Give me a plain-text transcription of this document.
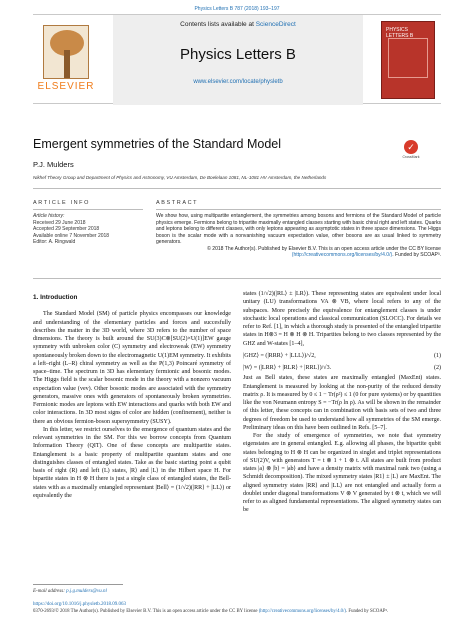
Physics Letters B 787 (2018) 193–197
ELSEVIER
Contents lists available at ScienceDirect
Physics Letters B
www.elsevier.com/locate/physletb
PHYSICS LETTERS B
Emergent symmetries of the Standard Model	✓
CrossMark
P.J. Mulders
Nikhef Theory Group and Department of Physics and Astronomy, VU Amsterdam, De Boelelaan 1081, NL-1081 HV Amsterdam, the Netherlands
ARTICLE INFO
Article history:
Received 29 June 2018
Accepted 29 September 2018
Available online 7 November 2018
Editor: A. Ringwald
ABSTRACT
We show how, using multipartite entanglement, the symmetries among bosons and fermions of the Standard Model of particle physics emerge. Fermions belong to tripartite maximally entangled classes starting with basic chiral right and left states. Quarks and leptons belong to different classes, with only leptons appearing as asymptotic states in three space dimensions. The Higgs boson is the scalar mode with a nonvanishing vacuum expectation value, other bosons are as usual linked to symmetry generators.
© 2018 The Author(s). Published by Elsevier B.V. This is an open access article under the CC BY license (http://creativecommons.org/licenses/by/4.0/). Funded by SCOAP³.
1. Introduction

The Standard Model (SM) of particle physics encompasses our knowledge and understanding of the elementary particles and forces and succesfully describes the matter in the 3D world, where 3D refers to the number of space dimensions. The theory is built around the SU(3)C⊗[SU(2)×U(1)]EW gauge symmetry with unbroken color (C) symmetry and electroweak (EW) symmetry spontaneously broken down to the electromagnetic U(1)EM symmetry. It exhibits a left–right (L–R) chiral symmetry as well as the P(1,3) Poincaré symmetry of space–time. The spectrum in 3D has elementary fermionic and bosonic modes. The Higgs field is the scalar bosonic mode in the theory with a nonzero vacuum expectation value (vev). Other bosonic modes are associated with the symmetry generators, massive ones with generators of spontaneously broken symmetries. Fermionic modes are leptons with EW interactions and quarks with both EW and color interactions. In 3D most signs of color are hidden (confinement), neither is there an obvious fermion-boson supersymmetry (SUSY).

In this letter, we restrict ourselves to the emergence of quantum states and the relevant symmetries in the SM. For this we borrow concepts from Quantum Information Theory (QIT). One of these concepts are multipartite states. Entanglement is a basic property of multipartite quantum states and one distinguishes classes of entangled states. Take as the basic starting point a qubit basis of right (R) and left (L) states, |R⟩ and |L⟩ in the Hilbert space H. For bipartite states in H ⊗ H there is just a single class of entangled states, the Bell-states with as a maximally entangled representant |Bell⟩ = (1/√2)(|RR⟩ + |LL⟩) or equivalently the

states (1/√2)(|RL⟩ ± |LR⟩). These representing states are equivalent under local unitary (LU) transformations VA ⊗ VB, where local refers to any of the subspaces. More precisely the equivalence for entanglement classes is under stochastic local operations and classical communication (SLOCC). For details we refer to Ref. [1], in which a thorough study is presented of the entangled tripartite states in H⊗3 = H ⊗ H ⊗ H. Tripartites belong to two classes represented by the GHZ and W-states [1–4],

|GHZ⟩ = (|RRR⟩ + |LLL⟩)/√2,	(1)
|W⟩ = (|LRR⟩ + |RLR⟩ + |RRL⟩)/√3.	(2)

Just as Bell states, these states are maximally entangled (MaxEnt) states. Entanglement is measured by looking at the non-purity of the reduced density matrix ρ. It is measured by 0 ≤ 1 − Tr(ρ²) ≤ 1 (0 for pure systems) or by quantities like the von Neumann entropy S = −Tr(ρ ln ρ). As will be shown in the remainder of this letter, these concepts can in combination with basis sets of two and three degrees of freedom be used to understand how all symmetries of the SM emerge. Preliminary ideas on this have been outlined in Refs. [5–7].

For the study of emergence of symmetries, we note that symmetry eigenstates are in general entangled. E.g. allowing all phases, the bipartite qubit states belonging to H ⊗ H can be organized in singlet and triplet representations of SU(2)V, with generators T = t ⊗ 1 + 1 ⊗ t. All states are built from product states |a⟩ ⊗ |b⟩ = |ab⟩ and have a density matrix with maximal rank two (using a Schmidt decomposition). The mixed symmetry states |R1⟩ ± |L⟩ are MaxEnt. The aligned symmetry states |RR⟩ and |LL⟩ are not entangled and actually form a doublet under diagonal transformations V ⊗ V generated by t ⊗ t, which we will refer to as aligned fundamental representations. The aligned symmetry states can be

E-mail address: p.j.g.mulders@vu.nl
https://doi.org/10.1016/j.physletb.2018.09.063
0370-2693/© 2018 The Author(s). Published by Elsevier B.V. This is an open access article under the CC BY license (http://creativecommons.org/licenses/by/4.0/). Funded by SCOAP³.
